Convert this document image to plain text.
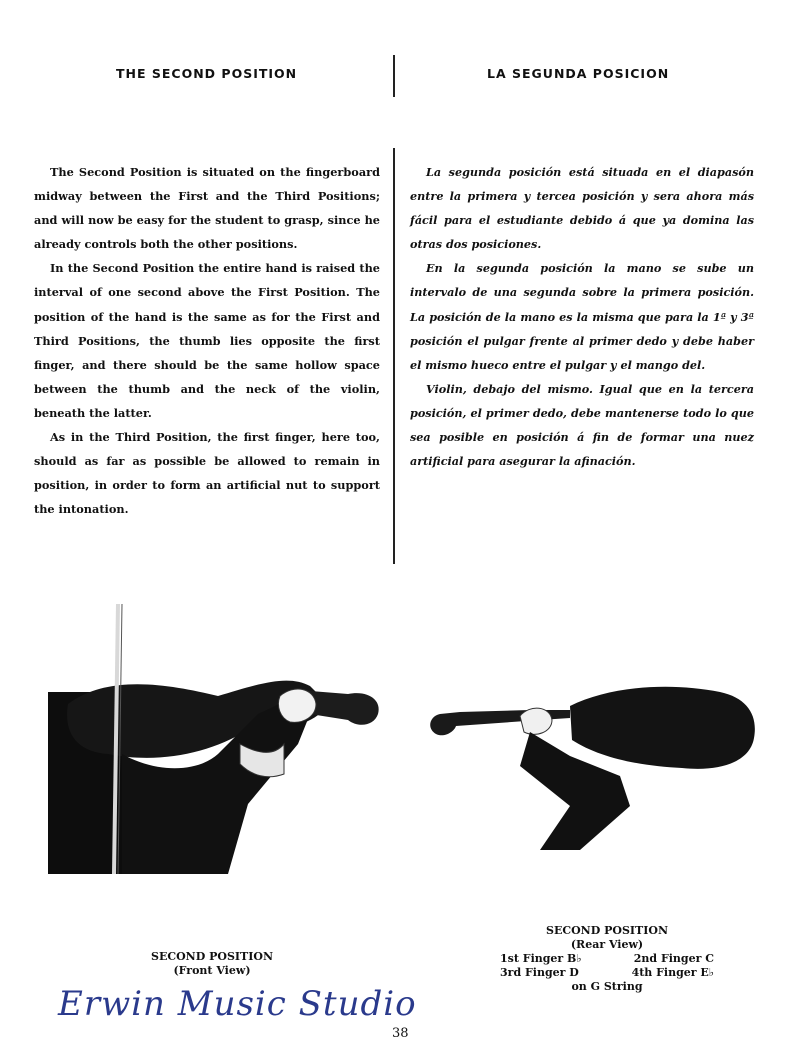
THE SECOND POSITION	LA SEGUNDA POSICION

The Second Position is situated on the fingerboard midway between the First and the Third Positions; and will now be easy for the student to grasp, since he already controls both the other positions.

In the Second Position the entire hand is raised the interval of one second above the First Position. The position of the hand is the same as for the First and Third Positions, the thumb lies opposite the first finger, and there should be the same hollow space between the thumb and the neck of the violin, beneath the latter.

As in the Third Position, the first finger, here too, should as far as possible be allowed to remain in position, in order to form an artificial nut to support the intonation.

La segunda posición está situada en el diapasón entre la primera y tercea posición y sera ahora más fácil para el estudiante debido á que ya domina las otras dos posiciones.

En la segunda posición la mano se sube un intervalo de una segunda sobre la primera posición. La posición de la mano es la misma que para la 1ª y 3ª posición el pulgar frente al primer dedo y debe haber el mismo hueco entre el pulgar y el mango del.

Violin, debajo del mismo. Igual que en la tercera posición, el primer dedo, debe mantenerse todo lo que sea posible en posición á fin de formar una nuez artificial para asegurar la afinación.

SECOND POSITION
(Front View)
SECOND POSITION
(Rear View)
1st Finger B♭	2nd Finger C
3rd Finger D	4th Finger E♭
on G String
Erwin Music Studio
38
